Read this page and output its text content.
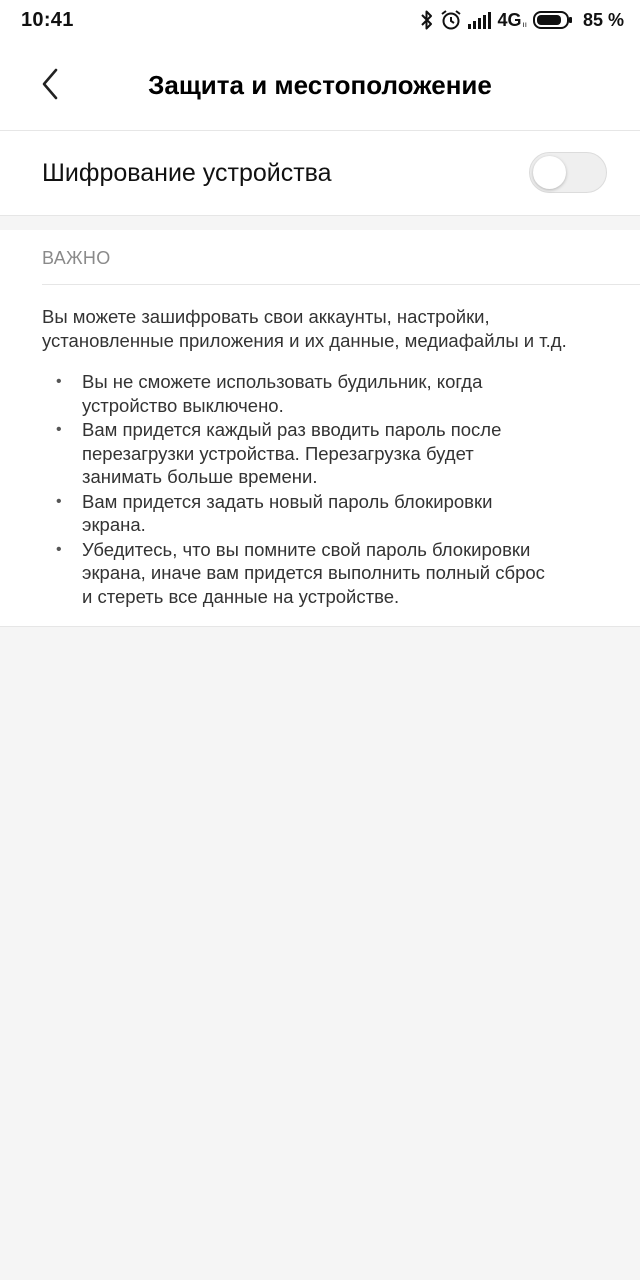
10:41	4G ıı	85 %
Защита и местоположение
Шифрование устройства
ВАЖНО
Вы можете зашифровать свои аккаунты, настройки,
установленные приложения и их данные, медиафайлы и т.д.
• Вы не сможете использовать будильник, когда
устройство выключено.
• Вам придется каждый раз вводить пароль после
перезагрузки устройства. Перезагрузка будет
занимать больше времени.
• Вам придется задать новый пароль блокировки
экрана.
• Убедитесь, что вы помните свой пароль блокировки
экрана, иначе вам придется выполнить полный сброс
и стереть все данные на устройстве.
